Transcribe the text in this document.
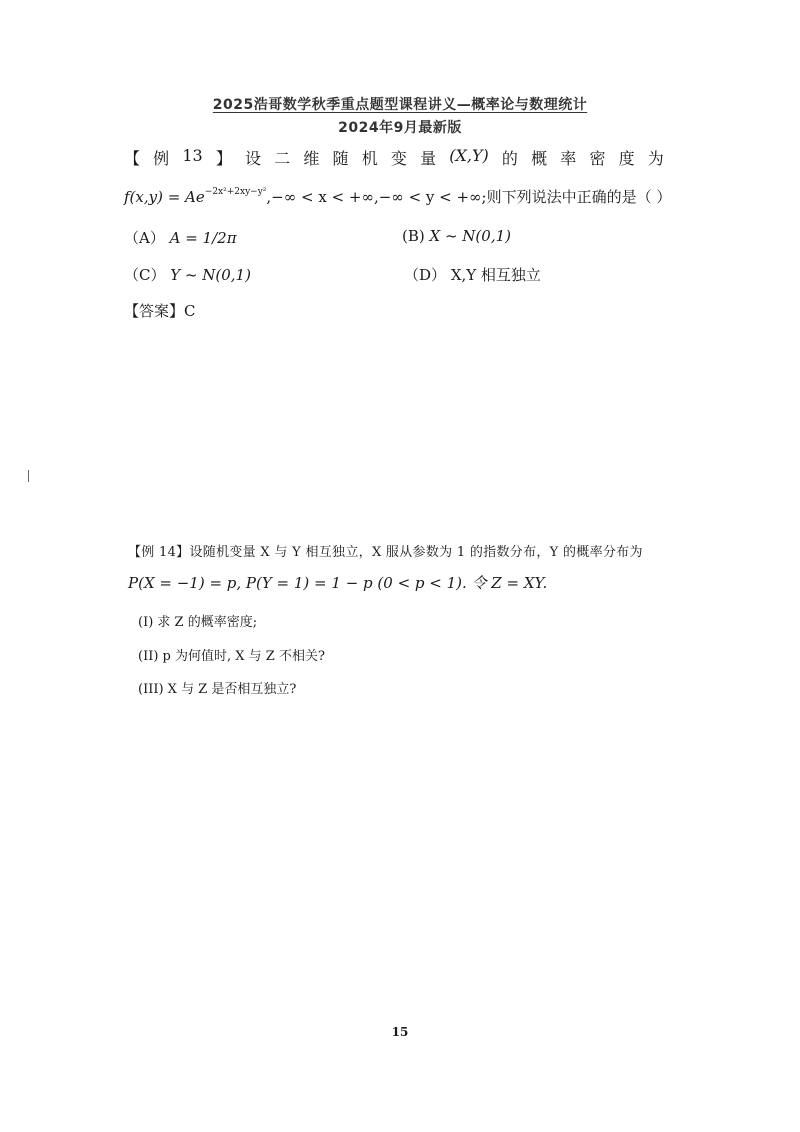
2025浩哥数学秋季重点题型课程讲义—概率论与数理统计
2024年9月最新版
【 例 13 】 设 二 维 随 机 变 量 (X,Y) 的 概 率 密 度 为
$f(x,y) = Ae^{-2x^2+2xy-y^2},-\infty < x$ < +∞,−∞ < y < +∞;则下列说法中正确的是（ ）
（A） A = 1/2π	(B) X ~ N(0,1)
（C） Y ~ N(0,1)	（D） X,Y 相互独立
【答案】C
【例 14】设随机变量 X 与 Y 相互独立，X 服从参数为 1 的指数分布，Y 的概率分布为
P(X = −1) = p, P(Y = 1) = 1 − p (0 < p < 1). 令 Z = XY.
(I) 求 Z 的概率密度;
(II) p 为何值时, X 与 Z 不相关?
(III) X 与 Z 是否相互独立?
15
